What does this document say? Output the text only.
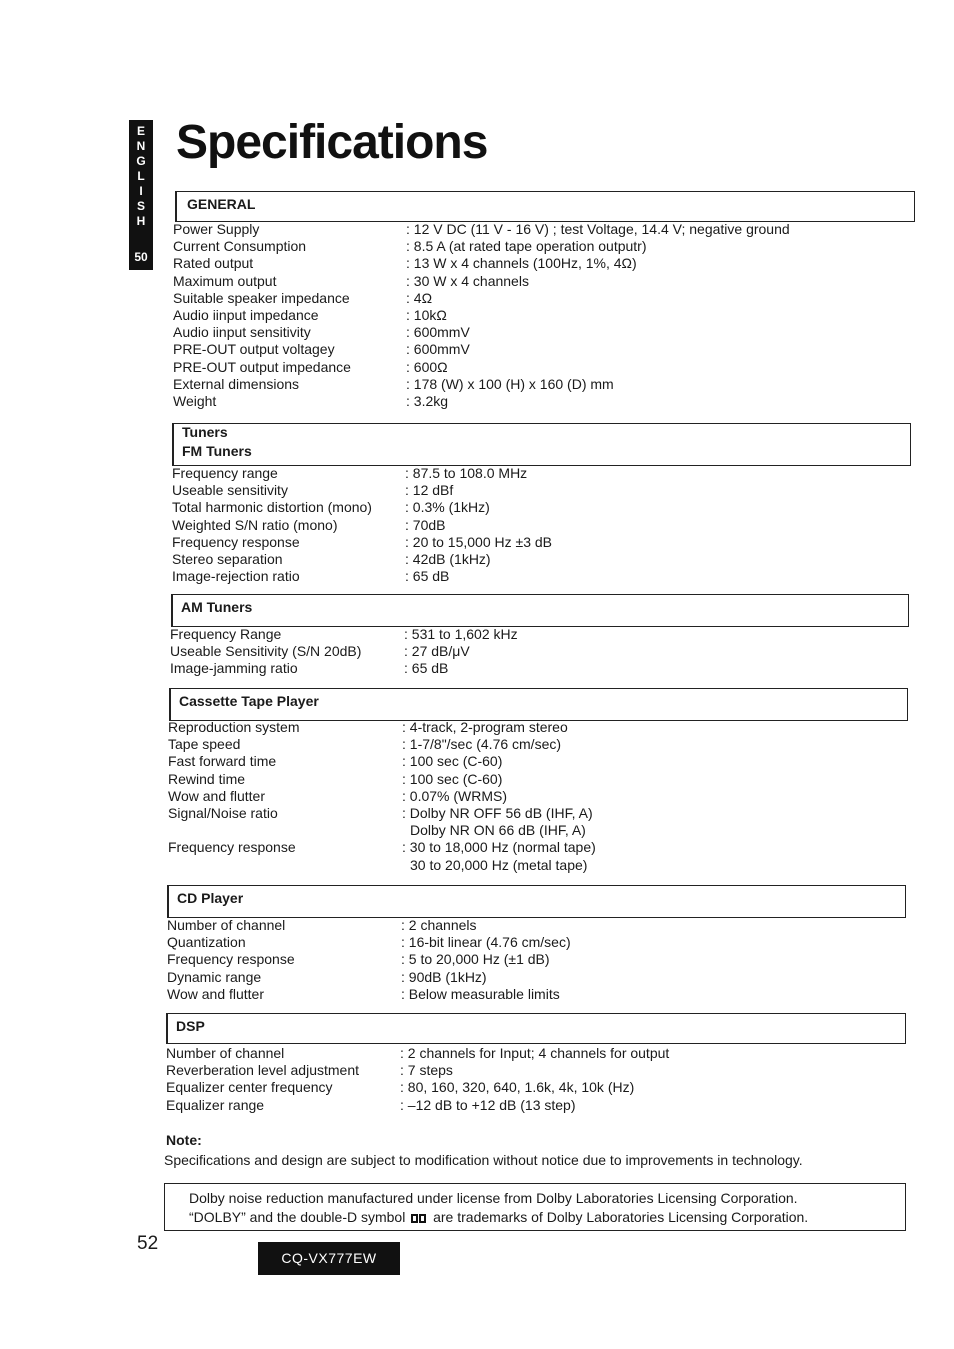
E
N
G
L
I
S
H
50
Specifications
GENERAL
Power Supply	: 12 V DC (11 V - 16 V) ; test Voltage, 14.4 V; negative ground
Current Consumption	: 8.5 A (at rated tape operation outputr)
Rated output	: 13 W x 4 channels (100Hz, 1%, 4Ω)
Maximum output	: 30 W x 4 channels
Suitable speaker impedance	: 4Ω
Audio iinput impedance	: 10kΩ
Audio iinput sensitivity	: 600mmV
PRE-OUT output voltagey	: 600mmV
PRE-OUT output impedance	: 600Ω
External dimensions	: 178 (W) x 100 (H) x 160 (D) mm
Weight	: 3.2kg
Tuners
FM Tuners
Frequency range	: 87.5 to 108.0 MHz
Useable sensitivity	: 12 dBf
Total harmonic distortion (mono) : 0.3% (1kHz)
Weighted S/N ratio (mono)	: 70dB
Frequency response	: 20 to 15,000 Hz ±3 dB
Stereo separation	: 42dB (1kHz)
Image-rejection ratio	: 65 dB
AM Tuners
Frequency Range	: 531 to 1,602 kHz
Useable Sensitivity (S/N 20dB)	: 27 dB/μV
Image-jamming ratio	: 65 dB
Cassette Tape Player
Reproduction system	: 4-track, 2-program stereo
Tape speed	: 1-7/8"/sec (4.76 cm/sec)
Fast forward time	: 100 sec (C-60)
Rewind time	: 100 sec (C-60)
Wow and flutter	: 0.07% (WRMS)
Signal/Noise ratio	: Dolby NR OFF 56 dB (IHF, A)
Dolby NR ON 66 dB (IHF, A)
Frequency response	: 30 to 18,000 Hz (normal tape)
30 to 20,000 Hz (metal tape)
CD Player
Number of channel	: 2 channels
Quantization	: 16-bit linear (4.76 cm/sec)
Frequency response	: 5 to 20,000 Hz (±1 dB)
Dynamic range	: 90dB (1kHz)
Wow and flutter	: Below measurable limits
DSP
Number of channel	: 2 channels for Input; 4 channels for output
Reverberation level adjustment	: 7 steps
Equalizer center frequency	: 80, 160, 320, 640, 1.6k, 4k, 10k (Hz)
Equalizer range	: –12 dB to +12 dB (13 step)
Note:
Specifications and design are subject to modification without notice due to improvements in technology.
Dolby noise reduction manufactured under license from Dolby Laboratories Licensing Corporation.
“DOLBY” and the double-D symbol are trademarks of Dolby Laboratories Licensing Corporation.
52
CQ-VX777EW
